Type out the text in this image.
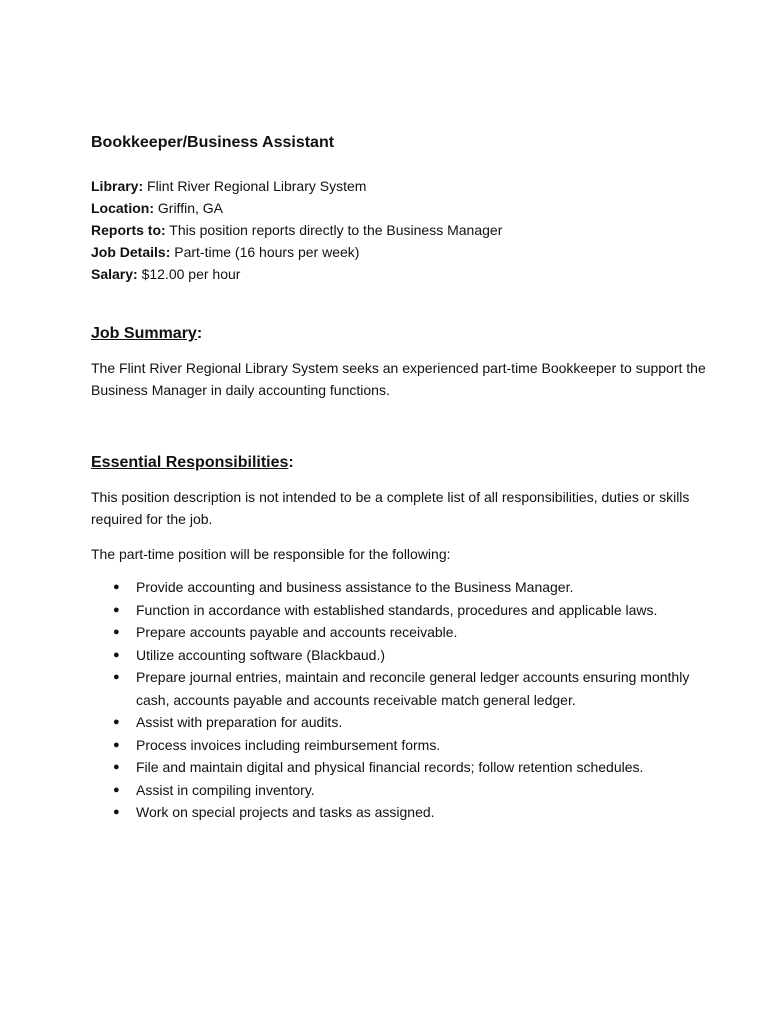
Bookkeeper/Business Assistant
Library: Flint River Regional Library System
Location: Griffin, GA
Reports to: This position reports directly to the Business Manager
Job Details: Part-time (16 hours per week)
Salary: $12.00 per hour
Job Summary:

The Flint River Regional Library System seeks an experienced part-time Bookkeeper to support the Business Manager in daily accounting functions.

Essential Responsibilities:

This position description is not intended to be a complete list of all responsibilities, duties or skills required for the job.

The part-time position will be responsible for the following:

● Provide accounting and business assistance to the Business Manager.
● Function in accordance with established standards, procedures and applicable laws.
● Prepare accounts payable and accounts receivable.
● Utilize accounting software (Blackbaud.)
● Prepare journal entries, maintain and reconcile general ledger accounts ensuring monthly cash, accounts payable and accounts receivable match general ledger.
● Assist with preparation for audits.
● Process invoices including reimbursement forms.
● File and maintain digital and physical financial records; follow retention schedules.
● Assist in compiling inventory.
● Work on special projects and tasks as assigned.
